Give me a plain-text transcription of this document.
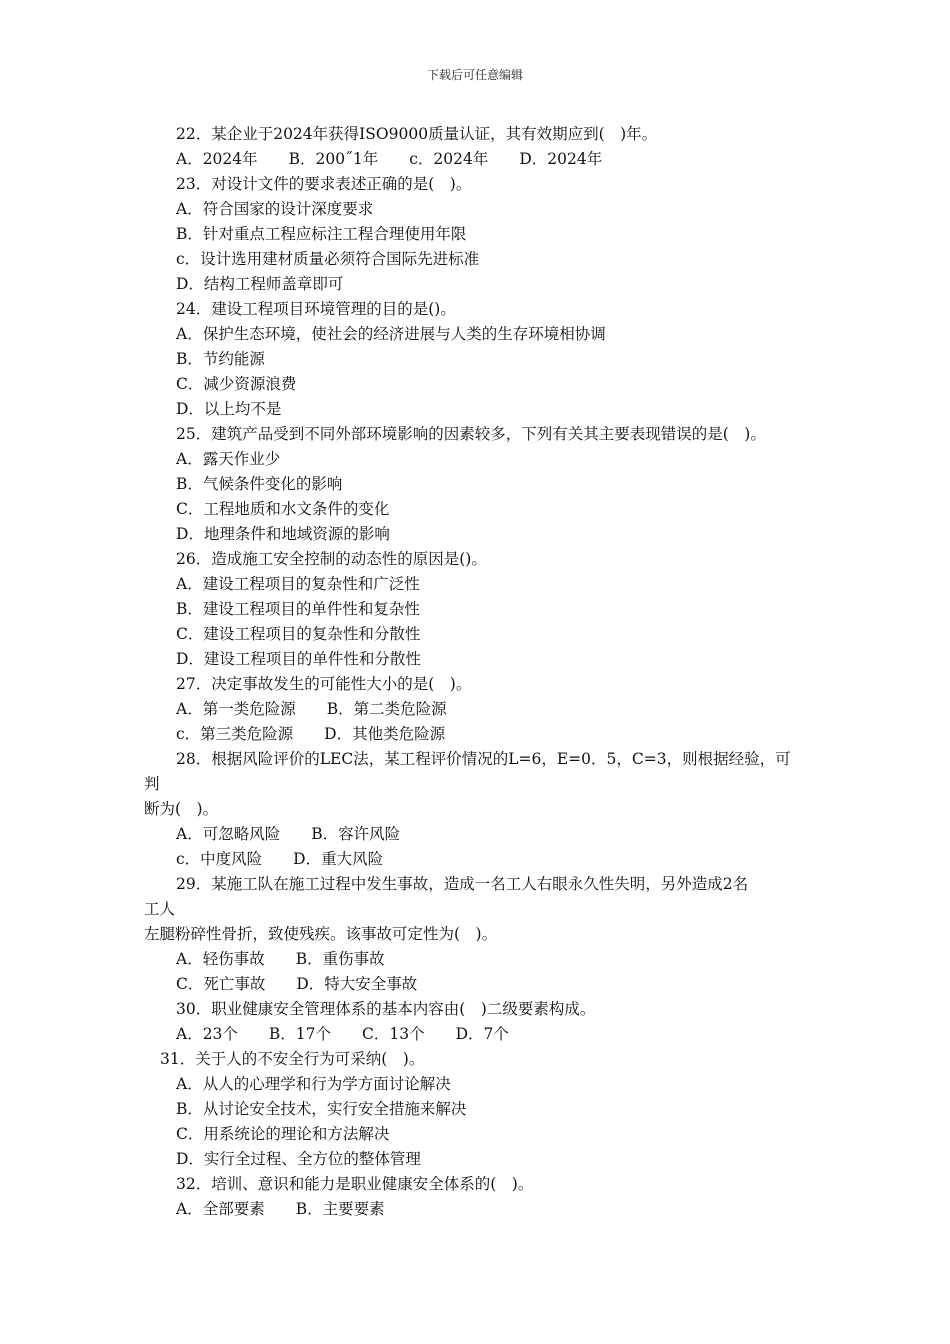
下载后可任意编辑
22．某企业于2024年获得ISO9000质量认证，其有效期应到(　)年。
A．2024年　　B．200˝1年　　c．2024年　　D．2024年
23．对设计文件的要求表述正确的是(　)。
A．符合国家的设计深度要求
B．针对重点工程应标注工程合理使用年限
c．设计选用建材质量必须符合国际先进标准
D．结构工程师盖章即可
24．建设工程项目环境管理的目的是()。
A．保护生态环境，使社会的经济进展与人类的生存环境相协调
B．节约能源
C．减少资源浪费
D．以上均不是
25．建筑产品受到不同外部环境影响的因素较多，下列有关其主要表现错误的是(　)。
A．露天作业少
B．气候条件变化的影响
C．工程地质和水文条件的变化
D．地理条件和地域资源的影响
26．造成施工安全控制的动态性的原因是()。
A．建设工程项目的复杂性和广泛性
B．建设工程项目的单件性和复杂性
C．建设工程项目的复杂性和分散性
D．建设工程项目的单件性和分散性
27．决定事故发生的可能性大小的是(　)。
A．第一类危险源　　B．第二类危险源
c．第三类危险源　　D．其他类危险源
28．根据风险评价的LEC法，某工程评价情况的L=6，E=0．5，C=3，则根据经验，可
判
断为(　)。
A．可忽略风险　　B．容许风险
c．中度风险　　D．重大风险
29．某施工队在施工过程中发生事故，造成一名工人右眼永久性失明，另外造成2名
工人
左腿粉碎性骨折，致使残疾。该事故可定性为(　)。
A．轻伤事故　　B．重伤事故
C．死亡事故　　D．特大安全事故
30．职业健康安全管理体系的基本内容由(　)二级要素构成。
A．23个　　B．17个　　C．13个　　D．7个
31．关于人的不安全行为可采纳(　)。
A．从人的心理学和行为学方面讨论解决
B．从讨论安全技术，实行安全措施来解决
C．用系统论的理论和方法解决
D．实行全过程、全方位的整体管理
32．培训、意识和能力是职业健康安全体系的(　)。
A．全部要素　　B．主要要素
